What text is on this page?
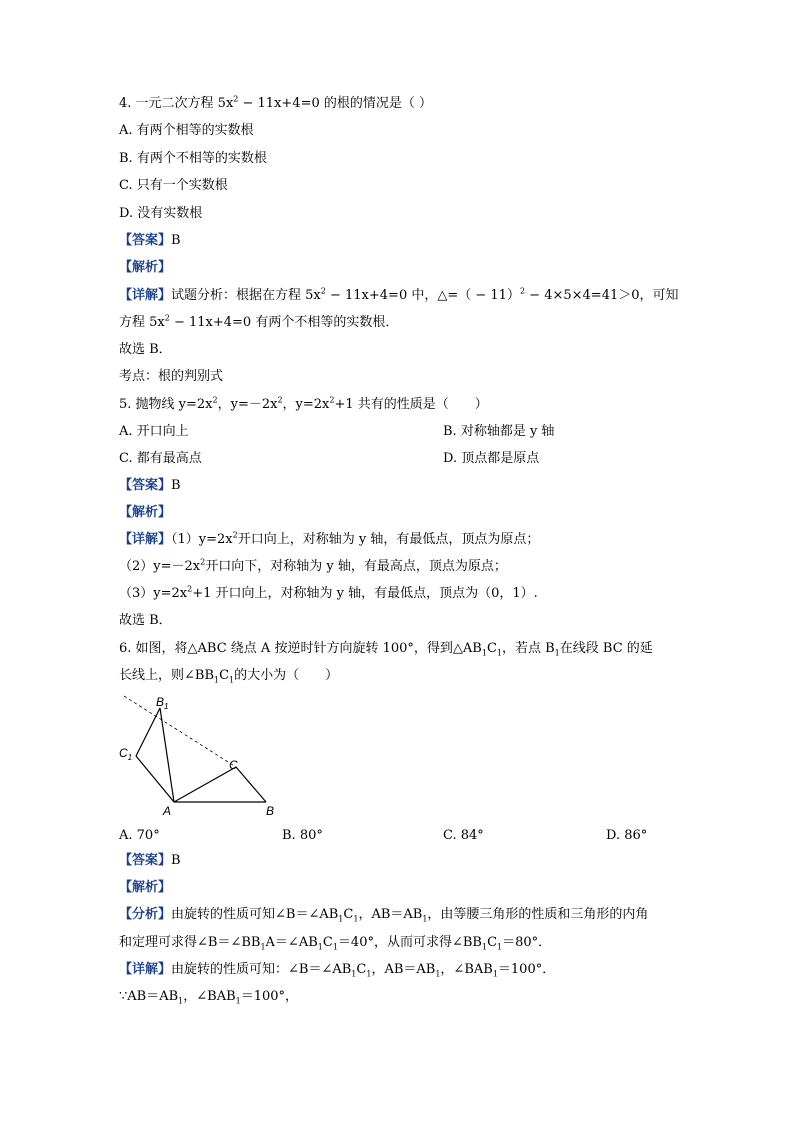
4. 一元二次方程 $5x^2 - 11x+4=0$ 的根的情况是（ ）
A. 有两个相等的实数根
B. 有两个不相等的实数根
C. 只有一个实数根
D. 没有实数根
【答案】B
【解析】
【详解】试题分析：根据在方程 $5x^2 - 11x+4=0$ 中，△=（ − 11）$^2$ − 4×5×4=41＞0，可知
方程 $5x^2 - 11x+4=0$ 有两个不相等的实数根．
故选 B．
考点：根的判别式
5. 抛物线 $y=2x^2$，$y=-2x^2$，$y=2x^2+1$ 共有的性质是（　　）
A. 开口向上	B. 对称轴都是 y 轴
C. 都有最高点	D. 顶点都是原点
【答案】B
【解析】
【详解】$(1)y=2x^2$开口向上，对称轴为 y 轴，有最低点，顶点为原点；
$(2)y=-2x^2$开口向下，对称轴为 y 轴，有最高点，顶点为原点；
$(3)y=2x^2+1$ 开口向上，对称轴为 y 轴，有最低点，顶点为（0，1）.
故选 B．
6. 如图，将△ABC 绕点 A 按逆时针方向旋转 100°，得到$\triangle AB_1C_1$，若点 $B_1$在线段 BC 的延
长线上，则$\angle BB_1C_1$的大小为（　　）
$B_1$
$C_1$
C
A	B
A. 70°	B. 80°	C. 84°	D. 86°
【答案】B
【解析】
【分析】由旋转的性质可知$\angle B=\angle AB_1C_1$，$AB=AB_1$，由等腰三角形的性质和三角形的内角
和定理可求得$\angle B=\angle BB_1A=\angle AB_1C_1=40^\circ$，从而可求得$\angle BB_1C_1=80^\circ$．
【详解】由旋转的性质可知：$\angle B=\angle AB_1C_1$，$AB=AB_1$，$\angle BAB_1=100^\circ$．
$\because AB=AB_1$，$\angle BAB_1=100^\circ$，
